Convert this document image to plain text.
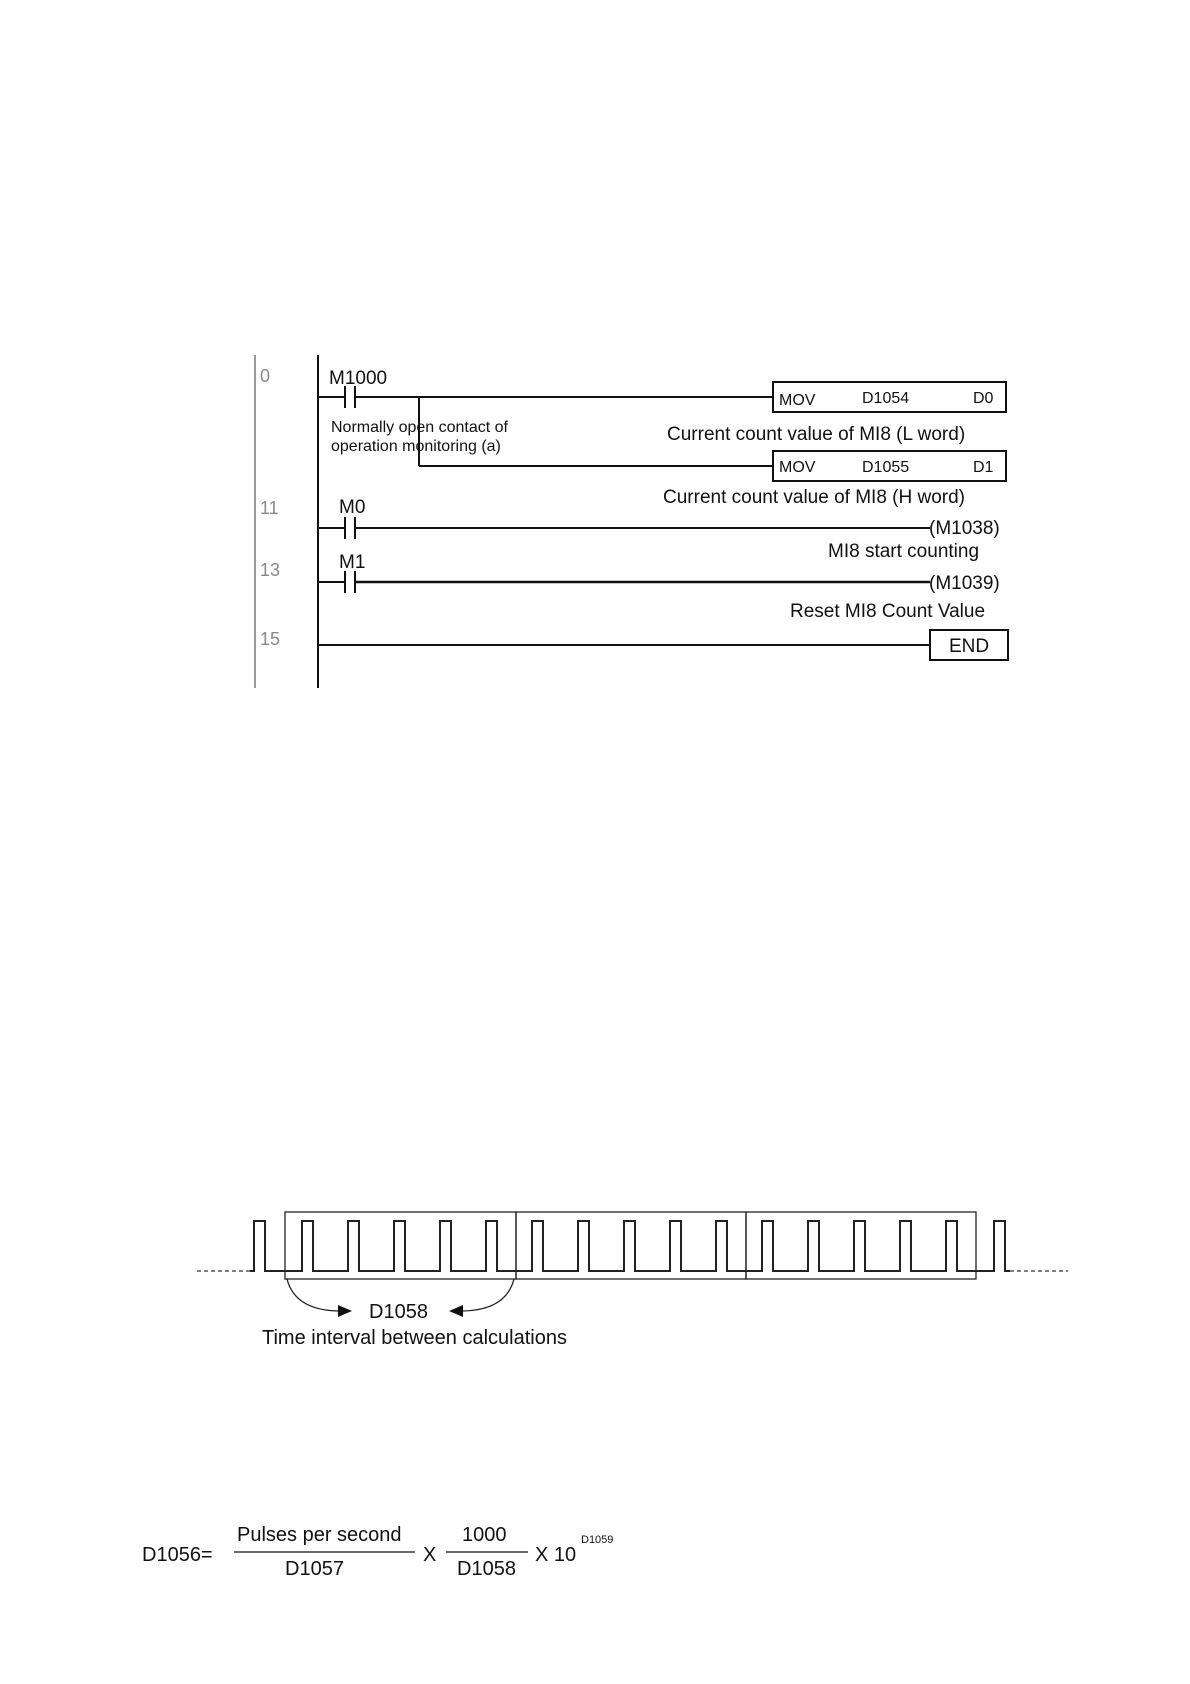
0
11
13
15
M1000
Normally open contact of
operation monitoring (a)
MOV	D1054	D0
Current count value of MI8 (L word)
MOV	D1055	D1
Current count value of MI8 (H word)
M0
(M1038)
MI8 start counting
M1
(M1039)
Reset MI8 Count Value
END
D1058
Time interval between calculations
D1056=
Pulses per second
D1057
X
1000
D1058
X 10
D1059
